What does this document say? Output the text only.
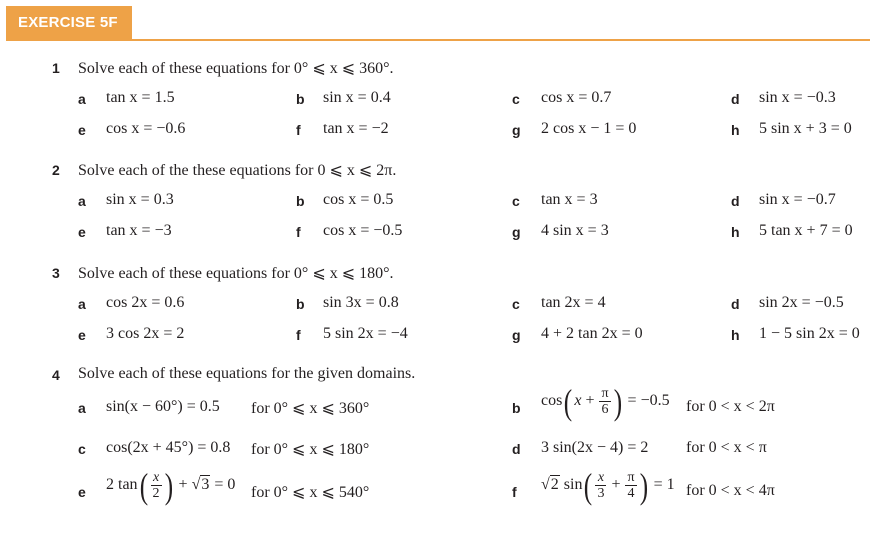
EXERCISE 5F
1 Solve each of these equations for 0° ⩽ x ⩽ 360°.
a tan x = 1.5	b sin x = 0.4	c cos x = 0.7	d sin x = −0.3
e cos x = −0.6	f tan x = −2	g 2 cos x − 1 = 0	h 5 sin x + 3 = 0
2 Solve each of the these equations for 0 ⩽ x ⩽ 2π.
a sin x = 0.3	b cos x = 0.5	c tan x = 3	d sin x = −0.7
e tan x = −3	f cos x = −0.5	g 4 sin x = 3	h 5 tan x + 7 = 0
3 Solve each of these equations for 0° ⩽ x ⩽ 180°.
a cos 2x = 0.6	b sin 3x = 0.8	c tan 2x = 4	d sin 2x = −0.5
e 3 cos 2x = 2	f 5 sin 2x = −4	g 4 + 2 tan 2x = 0	h 1 − 5 sin 2x = 0
4 Solve each of these equations for the given domains.
a sin(x − 60°) = 0.5 for 0° ⩽ x ⩽ 360°	b cos( $x + \frac{\pi}{6}$ ) = −0.5 for 0 < x < 2π
c cos(2x + 45°) = 0.8 for 0° ⩽ x ⩽ 180°	d 3 sin(2x − 4) = 2 for 0 < x < π
e 2 $\tan( \frac{x}{2}$ ) + √3 = 0 for 0° ⩽ x ⩽ 540°	f √2 $\sin( \frac{x}{3} + \frac{\pi}{4}$ ) = 1 for 0 < x < 4π
